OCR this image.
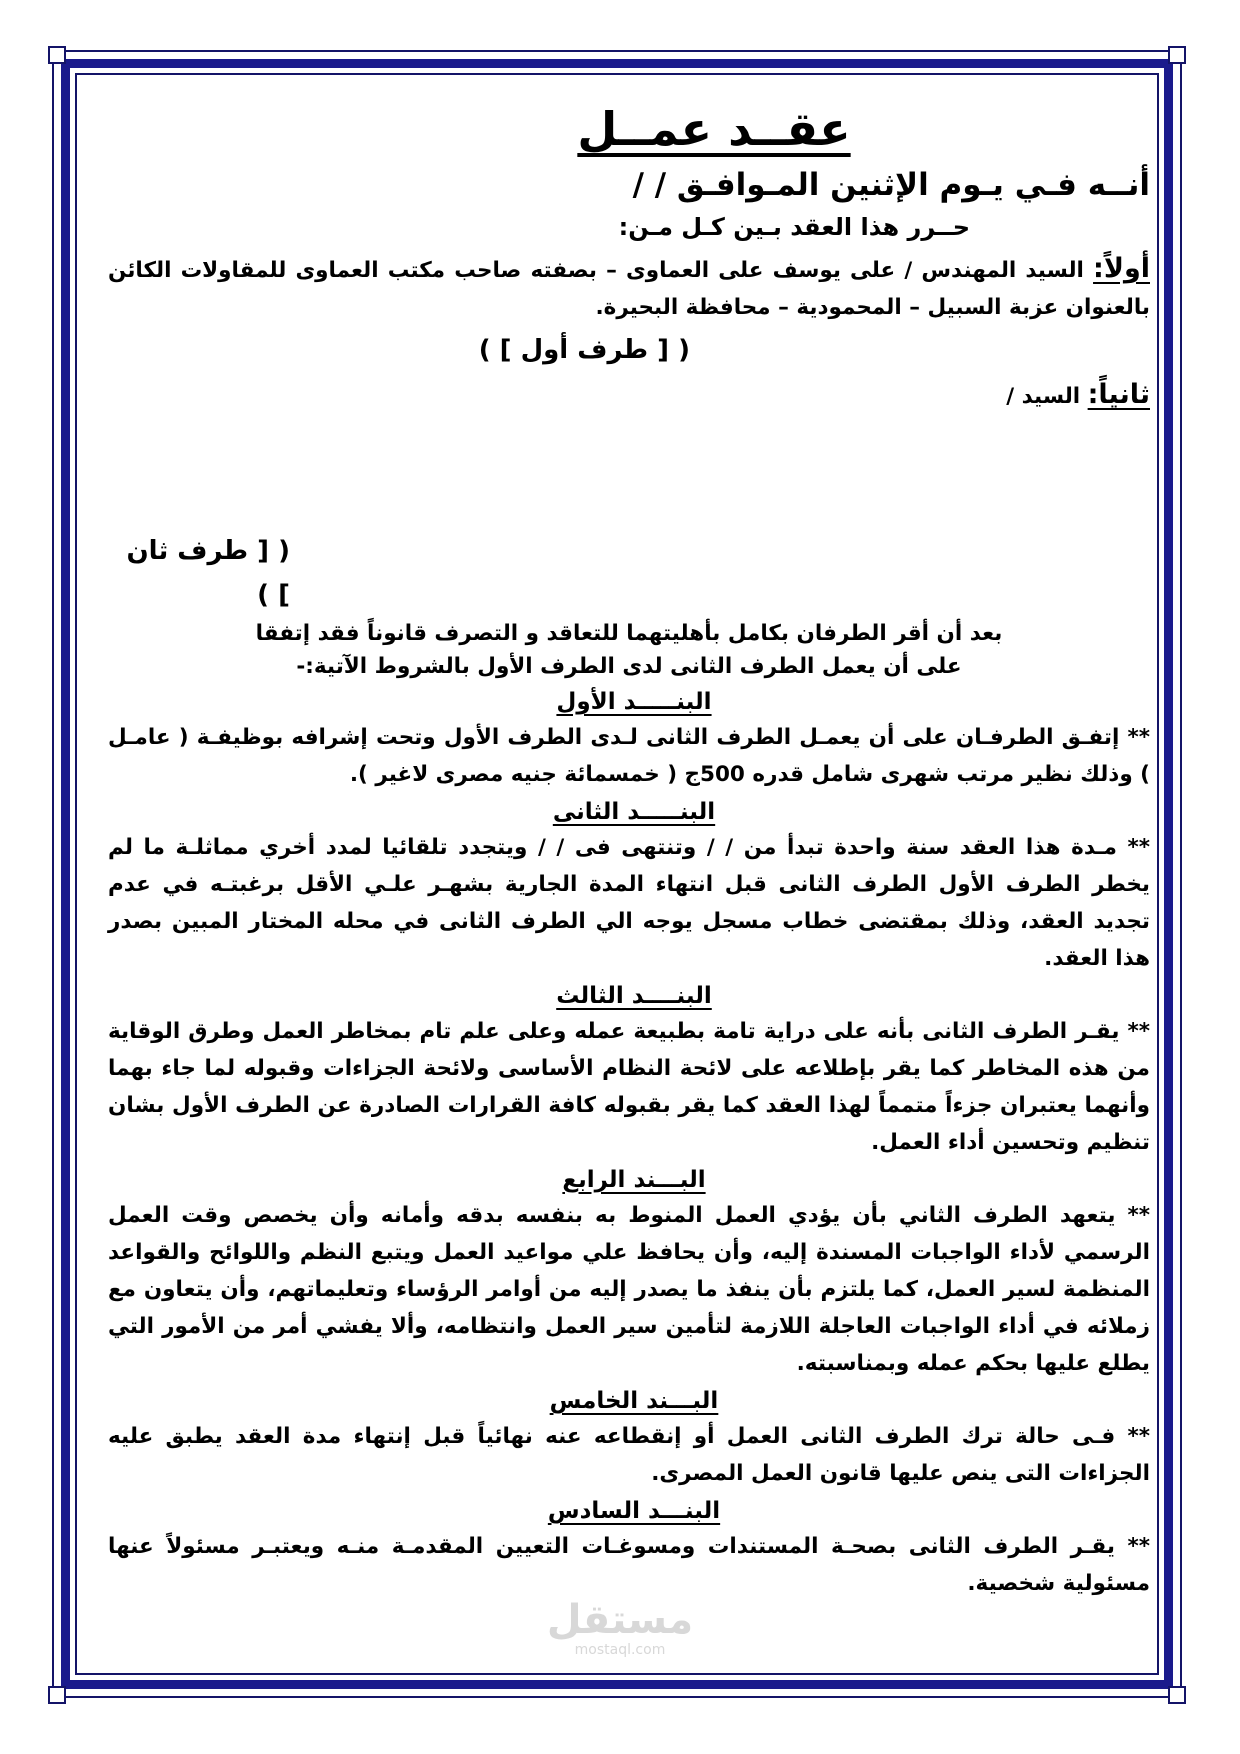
عقــد عمــل

أنــه فـي يـوم الإثنين المـوافـق / /

حــرر هذا العقد بـين كـل مـن:

أولاً: السيد المهندس / على يوسف على العماوى – بصفته صاحب مكتب العماوى للمقاولات الكائن بالعنوان عزبة السبيل – المحمودية – محافظة البحيرة.

( [ طرف أول ] )

ثانياً: السيد /

( [ طرف ثان ] )

بعد أن أقر الطرفان بكامل بأهليتهما للتعاقد و التصرف قانوناً فقد إتفقا

على أن يعمل الطرف الثانى لدى الطرف الأول بالشروط الآتية:-

البنـــــد الأول

** إتفـق الطرفـان على أن يعمـل الطرف الثانى لـدى الطرف الأول وتحت إشرافه بوظيفـة ( عامـل ) وذلك نظير مرتب شهرى شامل قدره 500ج ( خمسمائة جنيه مصرى لاغير ).

البنـــــد الثانى

** مـدة هذا العقد سنة واحدة تبدأ من / / وتنتهى فى / / ويتجدد تلقائيا لمدد أخري مماثلـة ما لم يخطر الطرف الأول الطرف الثانى قبل انتهاء المدة الجارية بشهـر علـي الأقل برغبتـه في عدم تجديد العقد، وذلك بمقتضى خطاب مسجل يوجه الي الطرف الثانى في محله المختار المبين بصدر هذا العقد.

البنــــد الثالث

** يقـر الطرف الثانى بأنه على دراية تامة بطبيعة عمله وعلى علم تام بمخاطر العمل وطرق الوقاية من هذه المخاطر كما يقر بإطلاعه على لائحة النظام الأساسى ولائحة الجزاءات وقبوله لما جاء بهما وأنهما يعتبران جزءاً متمماً لهذا العقد كما يقر بقبوله كافة القرارات الصادرة عن الطرف الأول بشان تنظيم وتحسين أداء العمل.

البـــند الرابع

** يتعهد الطرف الثاني بأن يؤدي العمل المنوط به بنفسه بدقه وأمانه وأن يخصص وقت العمل الرسمي لأداء الواجبات المسندة إليه، وأن يحافظ علي مواعيد العمل ويتبع النظم واللوائح والقواعد المنظمة لسير العمل، كما يلتزم بأن ينفذ ما يصدر إليه من أوامر الرؤساء وتعليماتهم، وأن يتعاون مع زملائه في أداء الواجبات العاجلة اللازمة لتأمين سير العمل وانتظامه، وألا يفشي أمر من الأمور التي يطلع عليها بحكم عمله وبمناسبته.

البـــند الخامس

** فـى حالة ترك الطرف الثانى العمل أو إنقطاعه عنه نهائياً قبل إنتهاء مدة العقد يطبق عليه الجزاءات التى ينص عليها قانون العمل المصرى.

البنـــد السادس

** يقـر الطرف الثانى بصحـة المستندات ومسوغـات التعيين المقدمـة منـه ويعتبـر مسئولاً عنها مسئولية شخصية.

مستقل
mostaql.com
